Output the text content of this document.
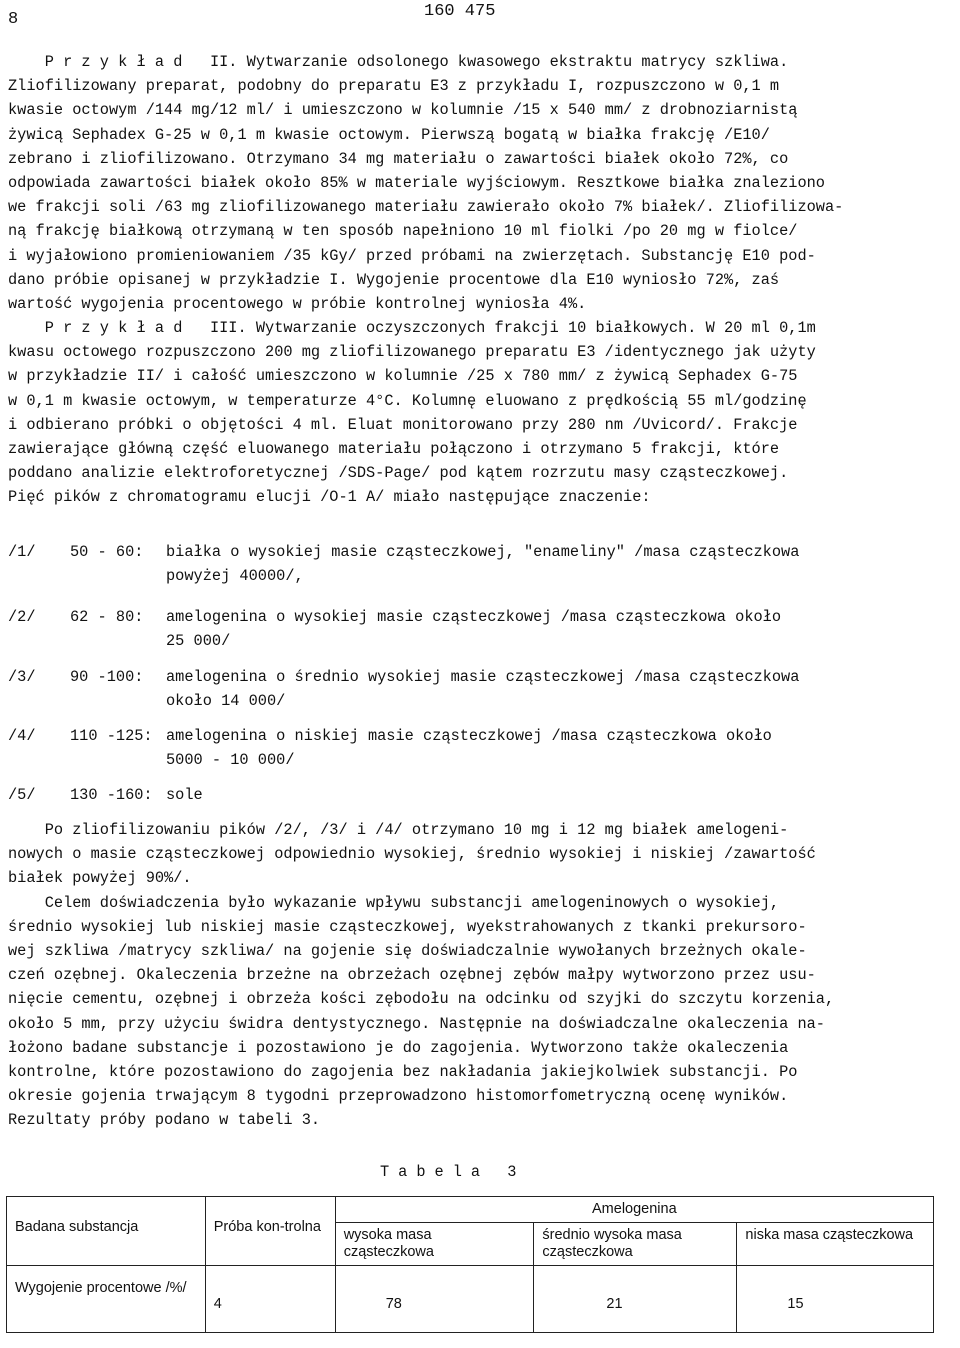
8	160 475
P r z y k ł a d   II. Wytwarzanie odsolonego kwasowego ekstraktu matrycy szkliwa.
Zliofilizowany preparat, podobny do preparatu E3 z przykładu I, rozpuszczono w 0,1 m
kwasie octowym /144 mg/12 ml/ i umieszczono w kolumnie /15 x 540 mm/ z drobnoziarnistą
żywicą Sephadex G-25 w 0,1 m kwasie octowym. Pierwszą bogatą w białka frakcję /E10/
zebrano i zliofilizowano. Otrzymano 34 mg materiału o zawartości białek około 72%, co
odpowiada zawartości białek około 85% w materiale wyjściowym. Resztkowe białka znaleziono
we frakcji soli /63 mg zliofilizowanego materiału zawierało około 7% białek/. Zliofilizowa-
ną frakcję białkową otrzymaną w ten sposób napełniono 10 ml fiolki /po 20 mg w fiolce/
i wyjałowiono promieniowaniem /35 kGy/ przed próbami na zwierzętach. Substancję E10 pod-
dano próbie opisanej w przykładzie I. Wygojenie procentowe dla E10 wyniosło 72%, zaś
wartość wygojenia procentowego w próbie kontrolnej wyniosła 4%.
P r z y k ł a d   III. Wytwarzanie oczyszczonych frakcji 10 białkowych. W 20 ml 0,1m
kwasu octowego rozpuszczono 200 mg zliofilizowanego preparatu E3 /identycznego jak użyty
w przykładzie II/ i całość umieszczono w kolumnie /25 x 780 mm/ z żywicą Sephadex G-75
w 0,1 m kwasie octowym, w temperaturze 4°C. Kolumnę eluowano z prędkością 55 ml/godzinę
i odbierano próbki o objętości 4 ml. Eluat monitorowano przy 280 nm /Uvicord/. Frakcje
zawierające główną część eluowanego materiału połączono i otrzymano 5 frakcji, które
poddano analizie elektroforetycznej /SDS-Page/ pod kątem rozrzutu masy cząsteczkowej.
Pięć pików z chromatogramu elucji /O-1 A/ miało następujące znaczenie:
/1/ 50 - 60: białka o wysokiej masie cząsteczkowej, "enameliny" /masa cząsteczkowa
powyżej 40000/,
/2/ 62 - 80: amelogenina o wysokiej masie cząsteczkowej /masa cząsteczkowa około
25 000/
/3/ 90 -100: amelogenina o średnio wysokiej masie cząsteczkowej /masa cząsteczkowa
około 14 000/
/4/ 110 -125: amelogenina o niskiej masie cząsteczkowej /masa cząsteczkowa około
5000 - 10 000/
/5/ 130 -160: sole
Po zliofilizowaniu pików /2/, /3/ i /4/ otrzymano 10 mg i 12 mg białek amelogeni-
nowych o masie cząsteczkowej odpowiednio wysokiej, średnio wysokiej i niskiej /zawartość
białek powyżej 90%/.
Celem doświadczenia było wykazanie wpływu substancji amelogeninowych o wysokiej,
średnio wysokiej lub niskiej masie cząsteczkowej, wyekstrahowanych z tkanki prekursoro-
wej szkliwa /matrycy szkliwa/ na gojenie się doświadczalnie wywołanych brzeżnych okale-
czeń ozębnej. Okaleczenia brzeżne na obrzeżach ozębnej zębów małpy wytworzono przez usu-
nięcie cementu, ozębnej i obrzeża kości zębodołu na odcinku od szyjki do szczytu korzenia,
około 5 mm, przy użyciu świdra dentystycznego. Następnie na doświadczalne okaleczenia na-
łożono badane substancje i pozostawiono je do zagojenia. Wytworzono także okaleczenia
kontrolne, które pozostawiono do zagojenia bez nakładania jakiejkolwiek substancji. Po
okresie gojenia trwającym 8 tygodni przeprowadzono histomorfometryczną ocenę wyników.
Rezultaty próby podano w tabeli 3.
Tabela 3
Badana substancja	Próba kon-trolna	Amelogenina		
		wysoka masa cząsteczkowa	średnio wysoka masa cząsteczkowa	niska masa cząsteczkowa
Wygojenie procentowe /%/	4	78	21	15
